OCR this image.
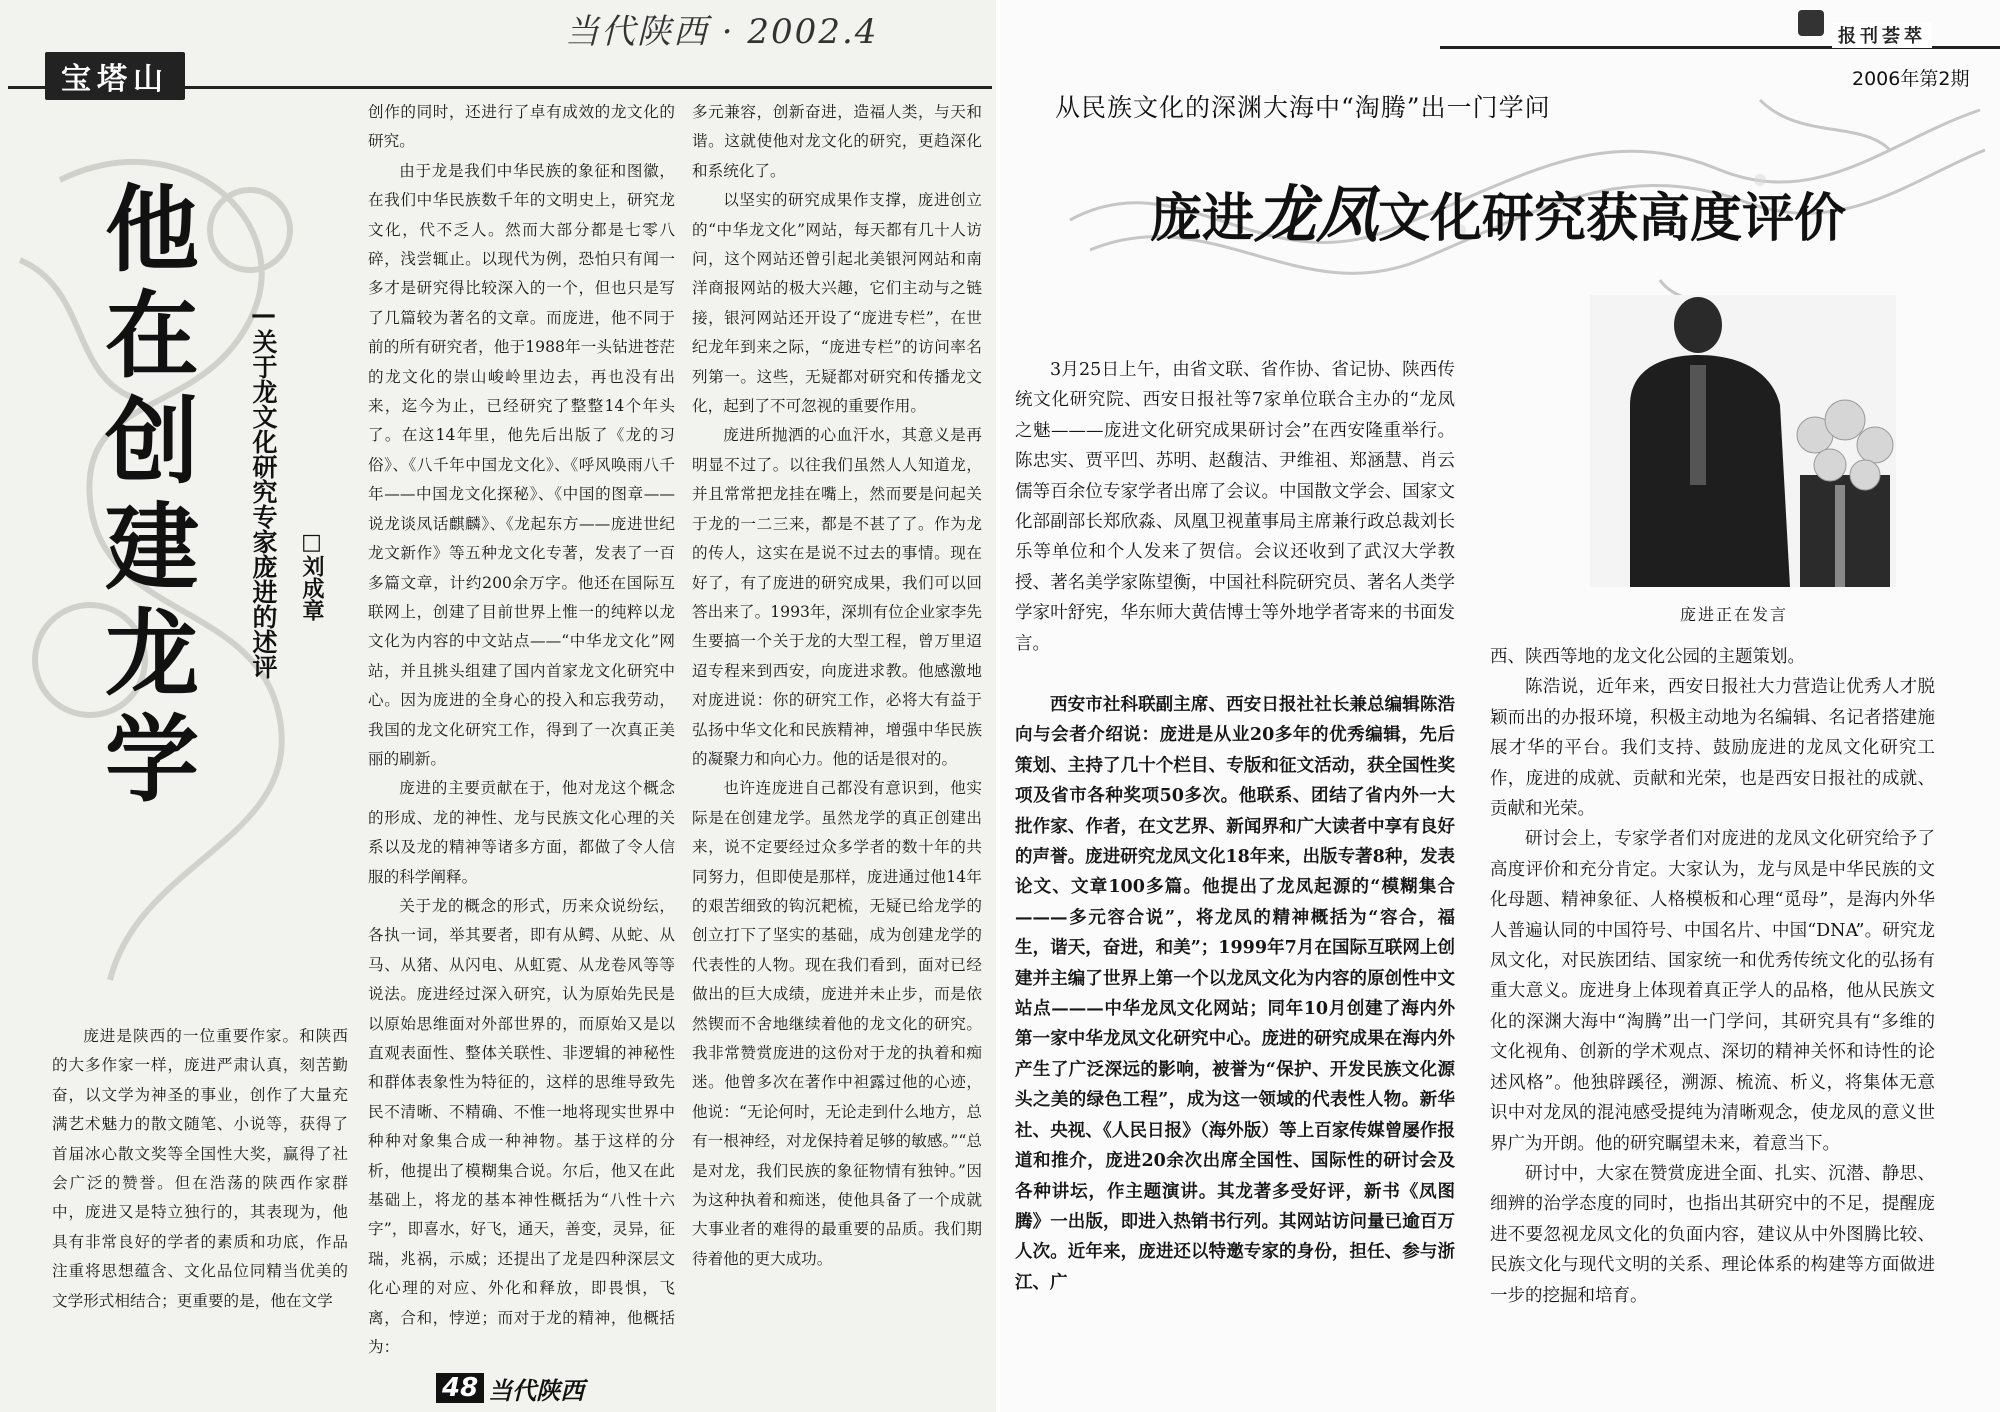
当代陕西 · 2002.4
宝塔山
他
在
创
建
龙
学
—关于龙文化研究专家庞进的述评 □刘成章

庞进是陕西的一位重要作家。和陕西的大多作家一样，庞进严肃认真，刻苦勤奋，以文学为神圣的事业，创作了大量充满艺术魅力的散文随笔、小说等，获得了首届冰心散文奖等全国性大奖，赢得了社会广泛的赞誉。但在浩荡的陕西作家群中，庞进又是特立独行的，其表现为，他具有非常良好的学者的素质和功底，作品注重将思想蕴含、文化品位同精当优美的文学形式相结合；更重要的是，他在文学

创作的同时，还进行了卓有成效的龙文化的研究。

由于龙是我们中华民族的象征和图徽，在我们中华民族数千年的文明史上，研究龙文化，代不乏人。然而大部分都是七零八碎，浅尝辄止。以现代为例，恐怕只有闻一多才是研究得比较深入的一个，但也只是写了几篇较为著名的文章。而庞进，他不同于前的所有研究者，他于1988年一头钻进苍茫的龙文化的崇山峻岭里边去，再也没有出来，迄今为止，已经研究了整整14个年头了。在这14年里，他先后出版了《龙的习俗》、《八千年中国龙文化》、《呼风唤雨八千年——中国龙文化探秘》、《中国的图章——说龙谈凤话麒麟》、《龙起东方——庞进世纪龙文新作》等五种龙文化专著，发表了一百多篇文章，计约200余万字。他还在国际互联网上，创建了目前世界上惟一的纯粹以龙文化为内容的中文站点——“中华龙文化”网站，并且挑头组建了国内首家龙文化研究中心。因为庞进的全身心的投入和忘我劳动，我国的龙文化研究工作，得到了一次真正美丽的刷新。

庞进的主要贡献在于，他对龙这个概念的形成、龙的神性、龙与民族文化心理的关系以及龙的精神等诸多方面，都做了令人信服的科学阐释。

关于龙的概念的形式，历来众说纷纭，各执一词，举其要者，即有从鳄、从蛇、从马、从猪、从闪电、从虹霓、从龙卷风等等说法。庞进经过深入研究，认为原始先民是以原始思维面对外部世界的，而原始又是以直观表面性、整体关联性、非逻辑的神秘性和群体表象性为特征的，这样的思维导致先民不清晰、不精确、不惟一地将现实世界中种种对象集合成一种神物。基于这样的分析，他提出了模糊集合说。尔后，他又在此基础上，将龙的基本神性概括为“八性十六字”，即喜水，好飞，通天，善变，灵异，征瑞，兆祸，示威；还提出了龙是四种深层文化心理的对应、外化和释放，即畏惧，飞离，合和，悖逆；而对于龙的精神，他概括为：

多元兼容，创新奋进，造福人类，与天和谐。这就使他对龙文化的研究，更趋深化和系统化了。

以坚实的研究成果作支撑，庞进创立的“中华龙文化”网站，每天都有几十人访问，这个网站还曾引起北美银河网站和南洋商报网站的极大兴趣，它们主动与之链接，银河网站还开设了“庞进专栏”，在世纪龙年到来之际，“庞进专栏”的访问率名列第一。这些，无疑都对研究和传播龙文化，起到了不可忽视的重要作用。

庞进所抛洒的心血汗水，其意义是再明显不过了。以往我们虽然人人知道龙，并且常常把龙挂在嘴上，然而要是问起关于龙的一二三来，都是不甚了了。作为龙的传人，这实在是说不过去的事情。现在好了，有了庞进的研究成果，我们可以回答出来了。1993年，深圳有位企业家李先生要搞一个关于龙的大型工程，曾万里迢迢专程来到西安，向庞进求教。他感激地对庞进说：你的研究工作，必将大有益于弘扬中华文化和民族精神，增强中华民族的凝聚力和向心力。他的话是很对的。

也许连庞进自己都没有意识到，他实际是在创建龙学。虽然龙学的真正创建出来，说不定要经过众多学者的数十年的共同努力，但即使是那样，庞进通过他14年的艰苦细致的钩沉耙梳，无疑已给龙学的创立打下了坚实的基础，成为创建龙学的代表性的人物。现在我们看到，面对已经做出的巨大成绩，庞进并未止步，而是依然锲而不舍地继续着他的龙文化的研究。我非常赞赏庞进的这份对于龙的执着和痴迷。他曾多次在著作中袒露过他的心迹，他说：“无论何时，无论走到什么地方，总有一根神经，对龙保持着足够的敏感。”“总是对龙，我们民族的象征物情有独钟。”因为这种执着和痴迷，使他具备了一个成就大事业者的难得的最重要的品质。我们期待着他的更大成功。

48 当代陕西
报刊荟萃
2006年第2期
从民族文化的深渊大海中“淘腾”出一门学问
庞进龙凤文化研究获高度评价
庞进正在发言

3月25日上午，由省文联、省作协、省记协、陕西传统文化研究院、西安日报社等7家单位联合主办的“龙凤之魅———庞进文化研究成果研讨会”在西安隆重举行。陈忠实、贾平凹、苏明、赵馥洁、尹维祖、郑涵慧、肖云儒等百余位专家学者出席了会议。中国散文学会、国家文化部副部长郑欣淼、凤凰卫视董事局主席兼行政总裁刘长乐等单位和个人发来了贺信。会议还收到了武汉大学教授、著名美学家陈望衡，中国社科院研究员、著名人类学学家叶舒宪，华东师大黄佶博士等外地学者寄来的书面发言。

西安市社科联副主席、西安日报社社长兼总编辑陈浩向与会者介绍说：庞进是从业20多年的优秀编辑，先后策划、主持了几十个栏目、专版和征文活动，获全国性奖项及省市各种奖项50多次。他联系、团结了省内外一大批作家、作者，在文艺界、新闻界和广大读者中享有良好的声誉。庞进研究龙凤文化18年来，出版专著8种，发表论文、文章100多篇。他提出了龙凤起源的“模糊集合———多元容合说”，将龙凤的精神概括为“容合，福生，谐天，奋进，和美”；1999年7月在国际互联网上创建并主编了世界上第一个以龙凤文化为内容的原创性中文站点———中华龙凤文化网站；同年10月创建了海内外第一家中华龙凤文化研究中心。庞进的研究成果在海内外产生了广泛深远的影响，被誉为“保护、开发民族文化源头之美的绿色工程”，成为这一领域的代表性人物。新华社、央视、《人民日报》（海外版）等上百家传媒曾屡作报道和推介，庞进20余次出席全国性、国际性的研讨会及各种讲坛，作主题演讲。其龙著多受好评，新书《凤图腾》一出版，即进入热销书行列。其网站访问量已逾百万人次。近年来，庞进还以特邀专家的身份，担任、参与浙江、广

西、陕西等地的龙文化公园的主题策划。

陈浩说，近年来，西安日报社大力营造让优秀人才脱颖而出的办报环境，积极主动地为名编辑、名记者搭建施展才华的平台。我们支持、鼓励庞进的龙凤文化研究工作，庞进的成就、贡献和光荣，也是西安日报社的成就、贡献和光荣。

研讨会上，专家学者们对庞进的龙凤文化研究给予了高度评价和充分肯定。大家认为，龙与凤是中华民族的文化母题、精神象征、人格模板和心理“觅母”，是海内外华人普遍认同的中国符号、中国名片、中国“DNA”。研究龙凤文化，对民族团结、国家统一和优秀传统文化的弘扬有重大意义。庞进身上体现着真正学人的品格，他从民族文化的深渊大海中“淘腾”出一门学问，其研究具有“多维的文化视角、创新的学术观点、深切的精神关怀和诗性的论述风格”。他独辟蹊径，溯源、梳流、析义，将集体无意识中对龙凤的混沌感受提纯为清晰观念，使龙凤的意义世界广为开朗。他的研究瞩望未来，着意当下。

研讨中，大家在赞赏庞进全面、扎实、沉潜、静思、细辨的治学态度的同时，也指出其研究中的不足，提醒庞进不要忽视龙凤文化的负面内容，建议从中外图腾比较、民族文化与现代文明的关系、理论体系的构建等方面做进一步的挖掘和培育。
